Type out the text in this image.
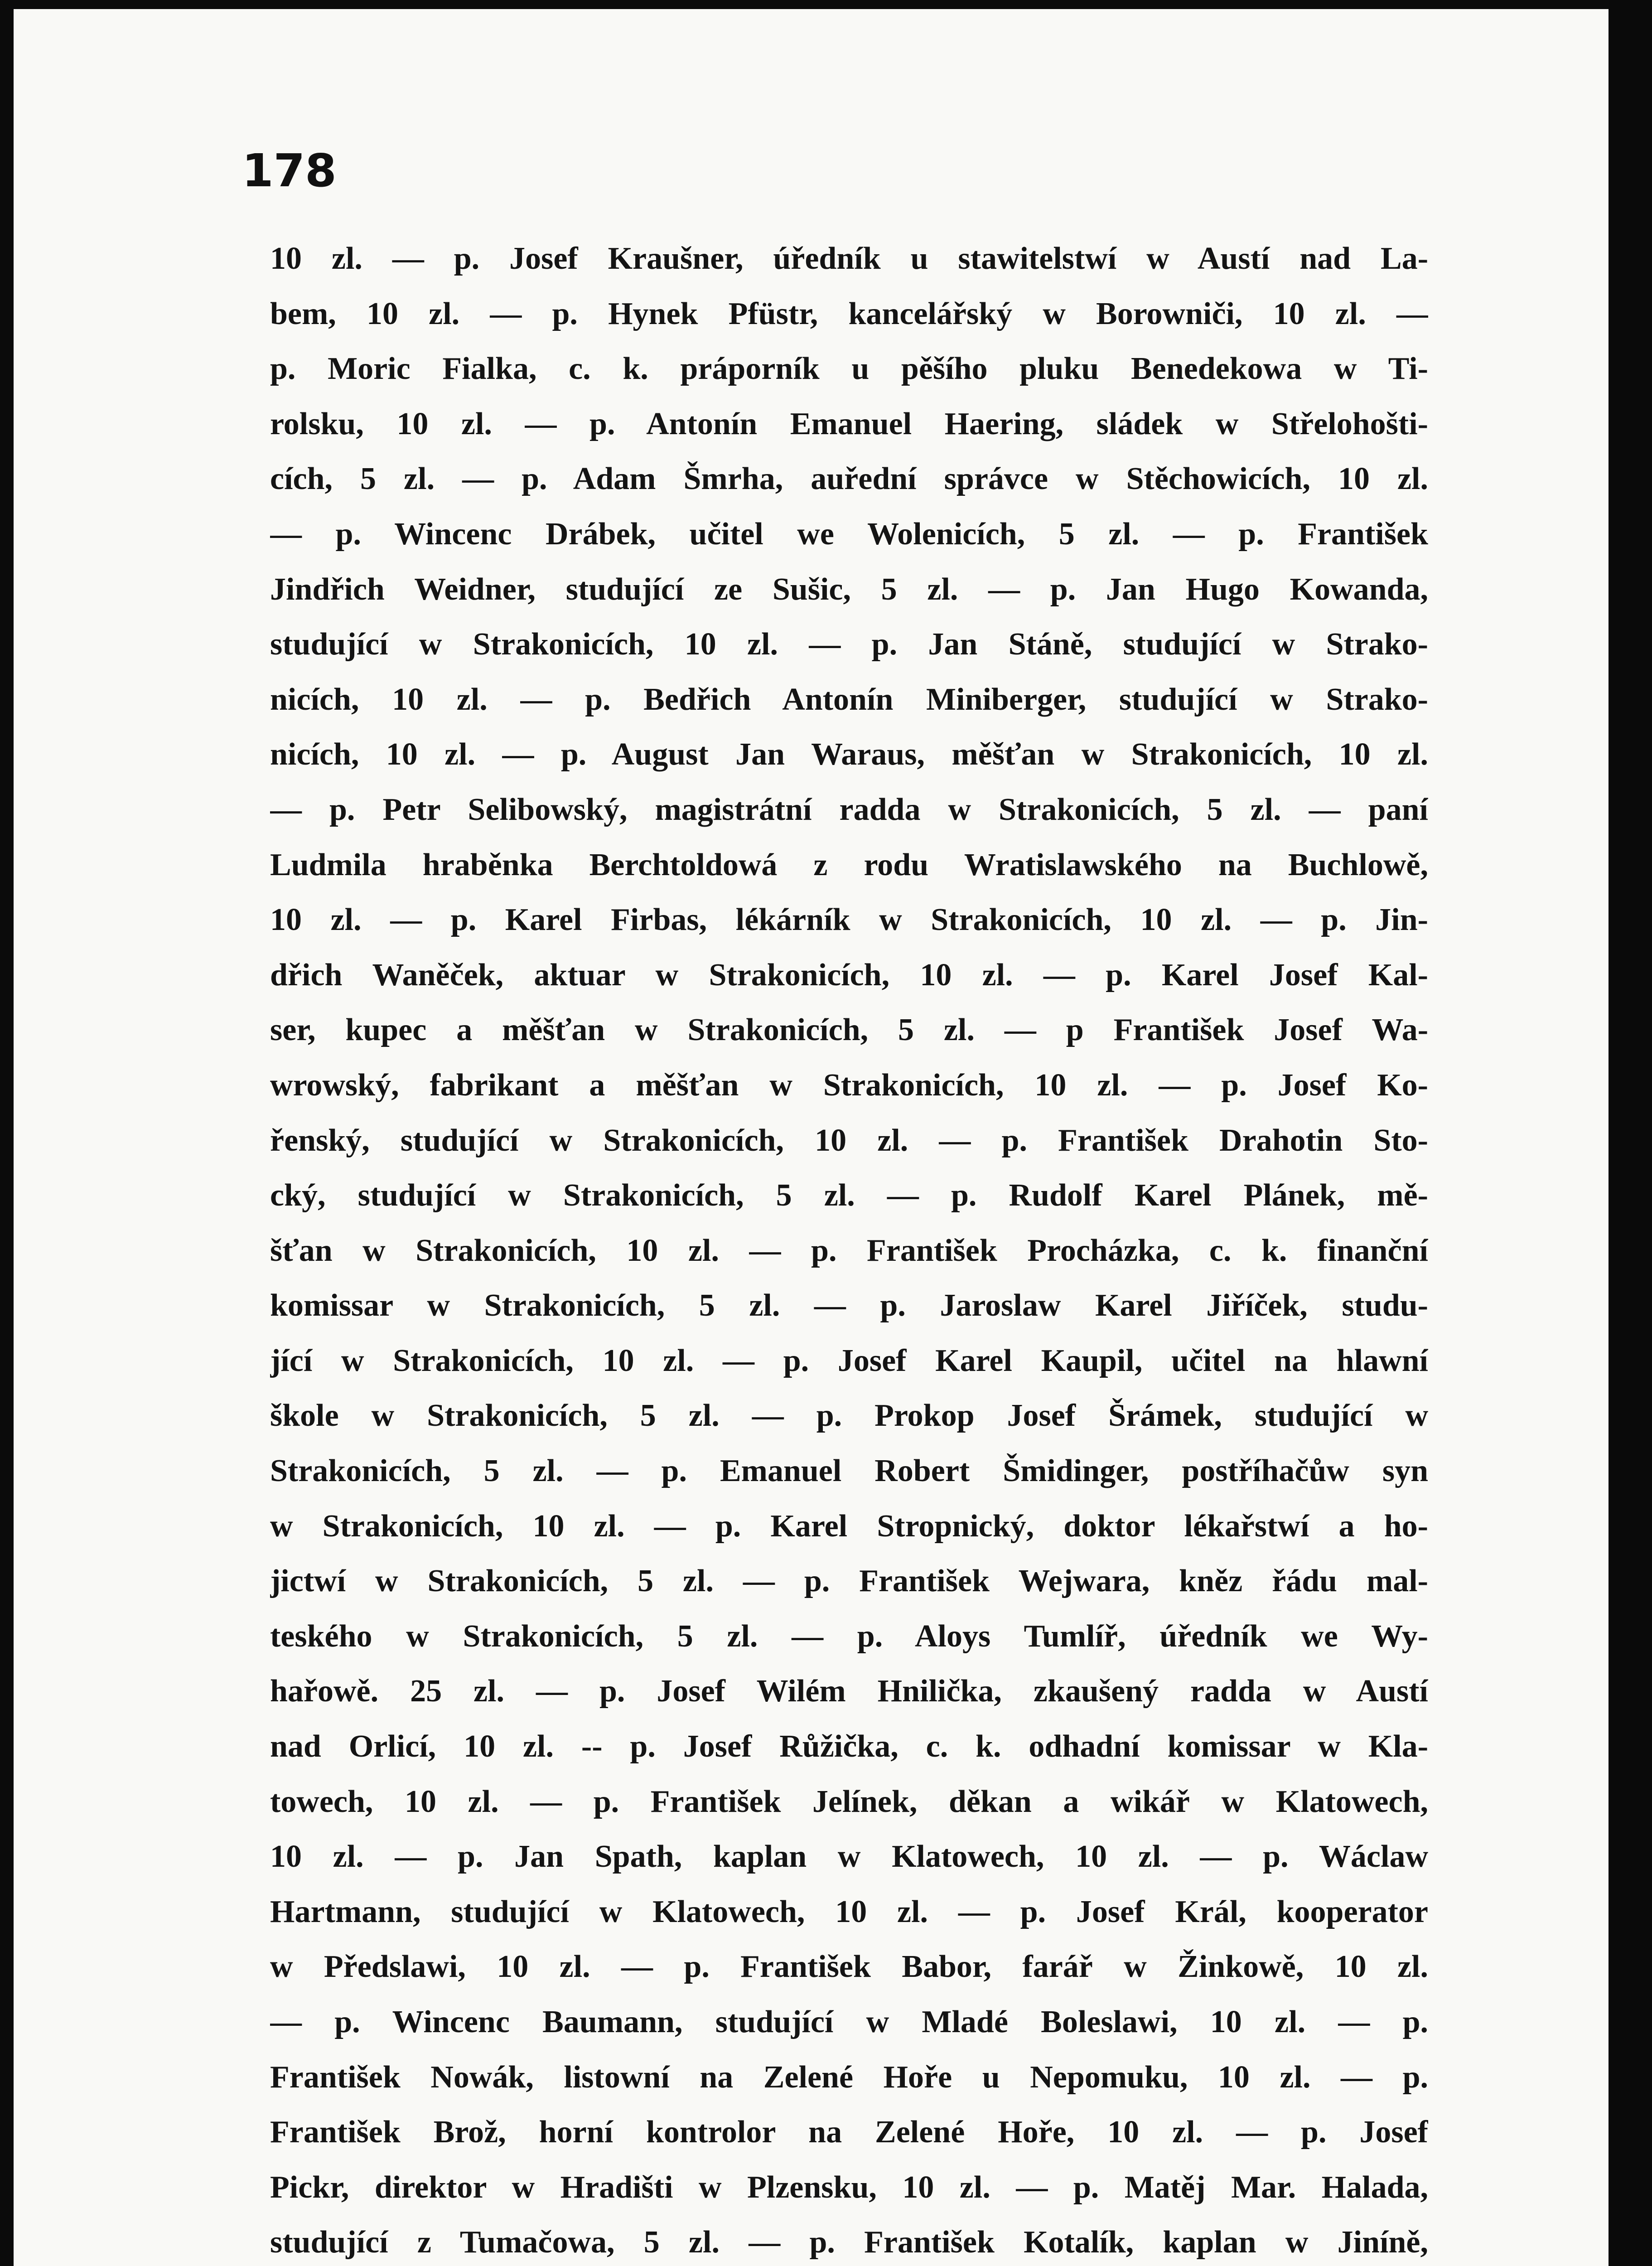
178
10 zl. — p. Josef Kraušner, úředník u stawitelstwí w Austí nad La-
bem, 10 zl. — p. Hynek Pfüstr, kancelářský w Borowniči, 10 zl. —
p. Moric Fialka, c. k. práporník u pěšího pluku Benedekowa w Ti-
rolsku, 10 zl. — p. Antonín Emanuel Haering, sládek w Střelohošti-
cích, 5 zl. — p. Adam Šmrha, auřední správce w Stěchowicích, 10 zl.
— p. Wincenc Drábek, učitel we Wolenicích, 5 zl. — p. František
Jindřich Weidner, studující ze Sušic, 5 zl. — p. Jan Hugo Kowanda,
studující w Strakonicích, 10 zl. — p. Jan Stáně, studující w Strako-
nicích, 10 zl. — p. Bedřich Antonín Miniberger, studující w Strako-
nicích, 10 zl. — p. August Jan Waraus, měšťan w Strakonicích, 10 zl.
— p. Petr Selibowský, magistrátní radda w Strakonicích, 5 zl. — paní
Ludmila hraběnka Berchtoldowá z rodu Wratislawského na Buchlowě,
10 zl. — p. Karel Firbas, lékárník w Strakonicích, 10 zl. — p. Jin-
dřich Waněček, aktuar w Strakonicích, 10 zl. — p. Karel Josef Kal-
ser, kupec a měšťan w Strakonicích, 5 zl. — p František Josef Wa-
wrowský, fabrikant a měšťan w Strakonicích, 10 zl. — p. Josef Ko-
řenský, studující w Strakonicích, 10 zl. — p. František Drahotin Sto-
cký, studující w Strakonicích, 5 zl. — p. Rudolf Karel Plánek, mě-
šťan w Strakonicích, 10 zl. — p. František Procházka, c. k. finanční
komissar w Strakonicích, 5 zl. — p. Jaroslaw Karel Jiříček, studu-
jící w Strakonicích, 10 zl. — p. Josef Karel Kaupil, učitel na hlawní
škole w Strakonicích, 5 zl. — p. Prokop Josef Šrámek, studující w
Strakonicích, 5 zl. — p. Emanuel Robert Šmidinger, postříhačůw syn
w Strakonicích, 10 zl. — p. Karel Stropnický, doktor lékařstwí a ho-
jictwí w Strakonicích, 5 zl. — p. František Wejwara, kněz řádu mal-
teského w Strakonicích, 5 zl. — p. Aloys Tumlíř, úředník we Wy-
hařowě. 25 zl. — p. Josef Wilém Hnilička, zkaušený radda w Austí
nad Orlicí, 10 zl. -- p. Josef Růžička, c. k. odhadní komissar w Kla-
towech, 10 zl. — p. František Jelínek, děkan a wikář w Klatowech,
10 zl. — p. Jan Spath, kaplan w Klatowech, 10 zl. — p. Wáclaw
Hartmann, studující w Klatowech, 10 zl. — p. Josef Král, kooperator
w Předslawi, 10 zl. — p. František Babor, farář w Žinkowě, 10 zl.
— p. Wincenc Baumann, studující w Mladé Boleslawi, 10 zl. — p.
František Nowák, listowní na Zelené Hoře u Nepomuku, 10 zl. — p.
František Brož, horní kontrolor na Zelené Hoře, 10 zl. — p. Josef
Pickr, direktor w Hradišti w Plzensku, 10 zl. — p. Matěj Mar. Halada,
studující z Tumačowa, 5 zl. — p. František Kotalík, kaplan w Jiníně,
